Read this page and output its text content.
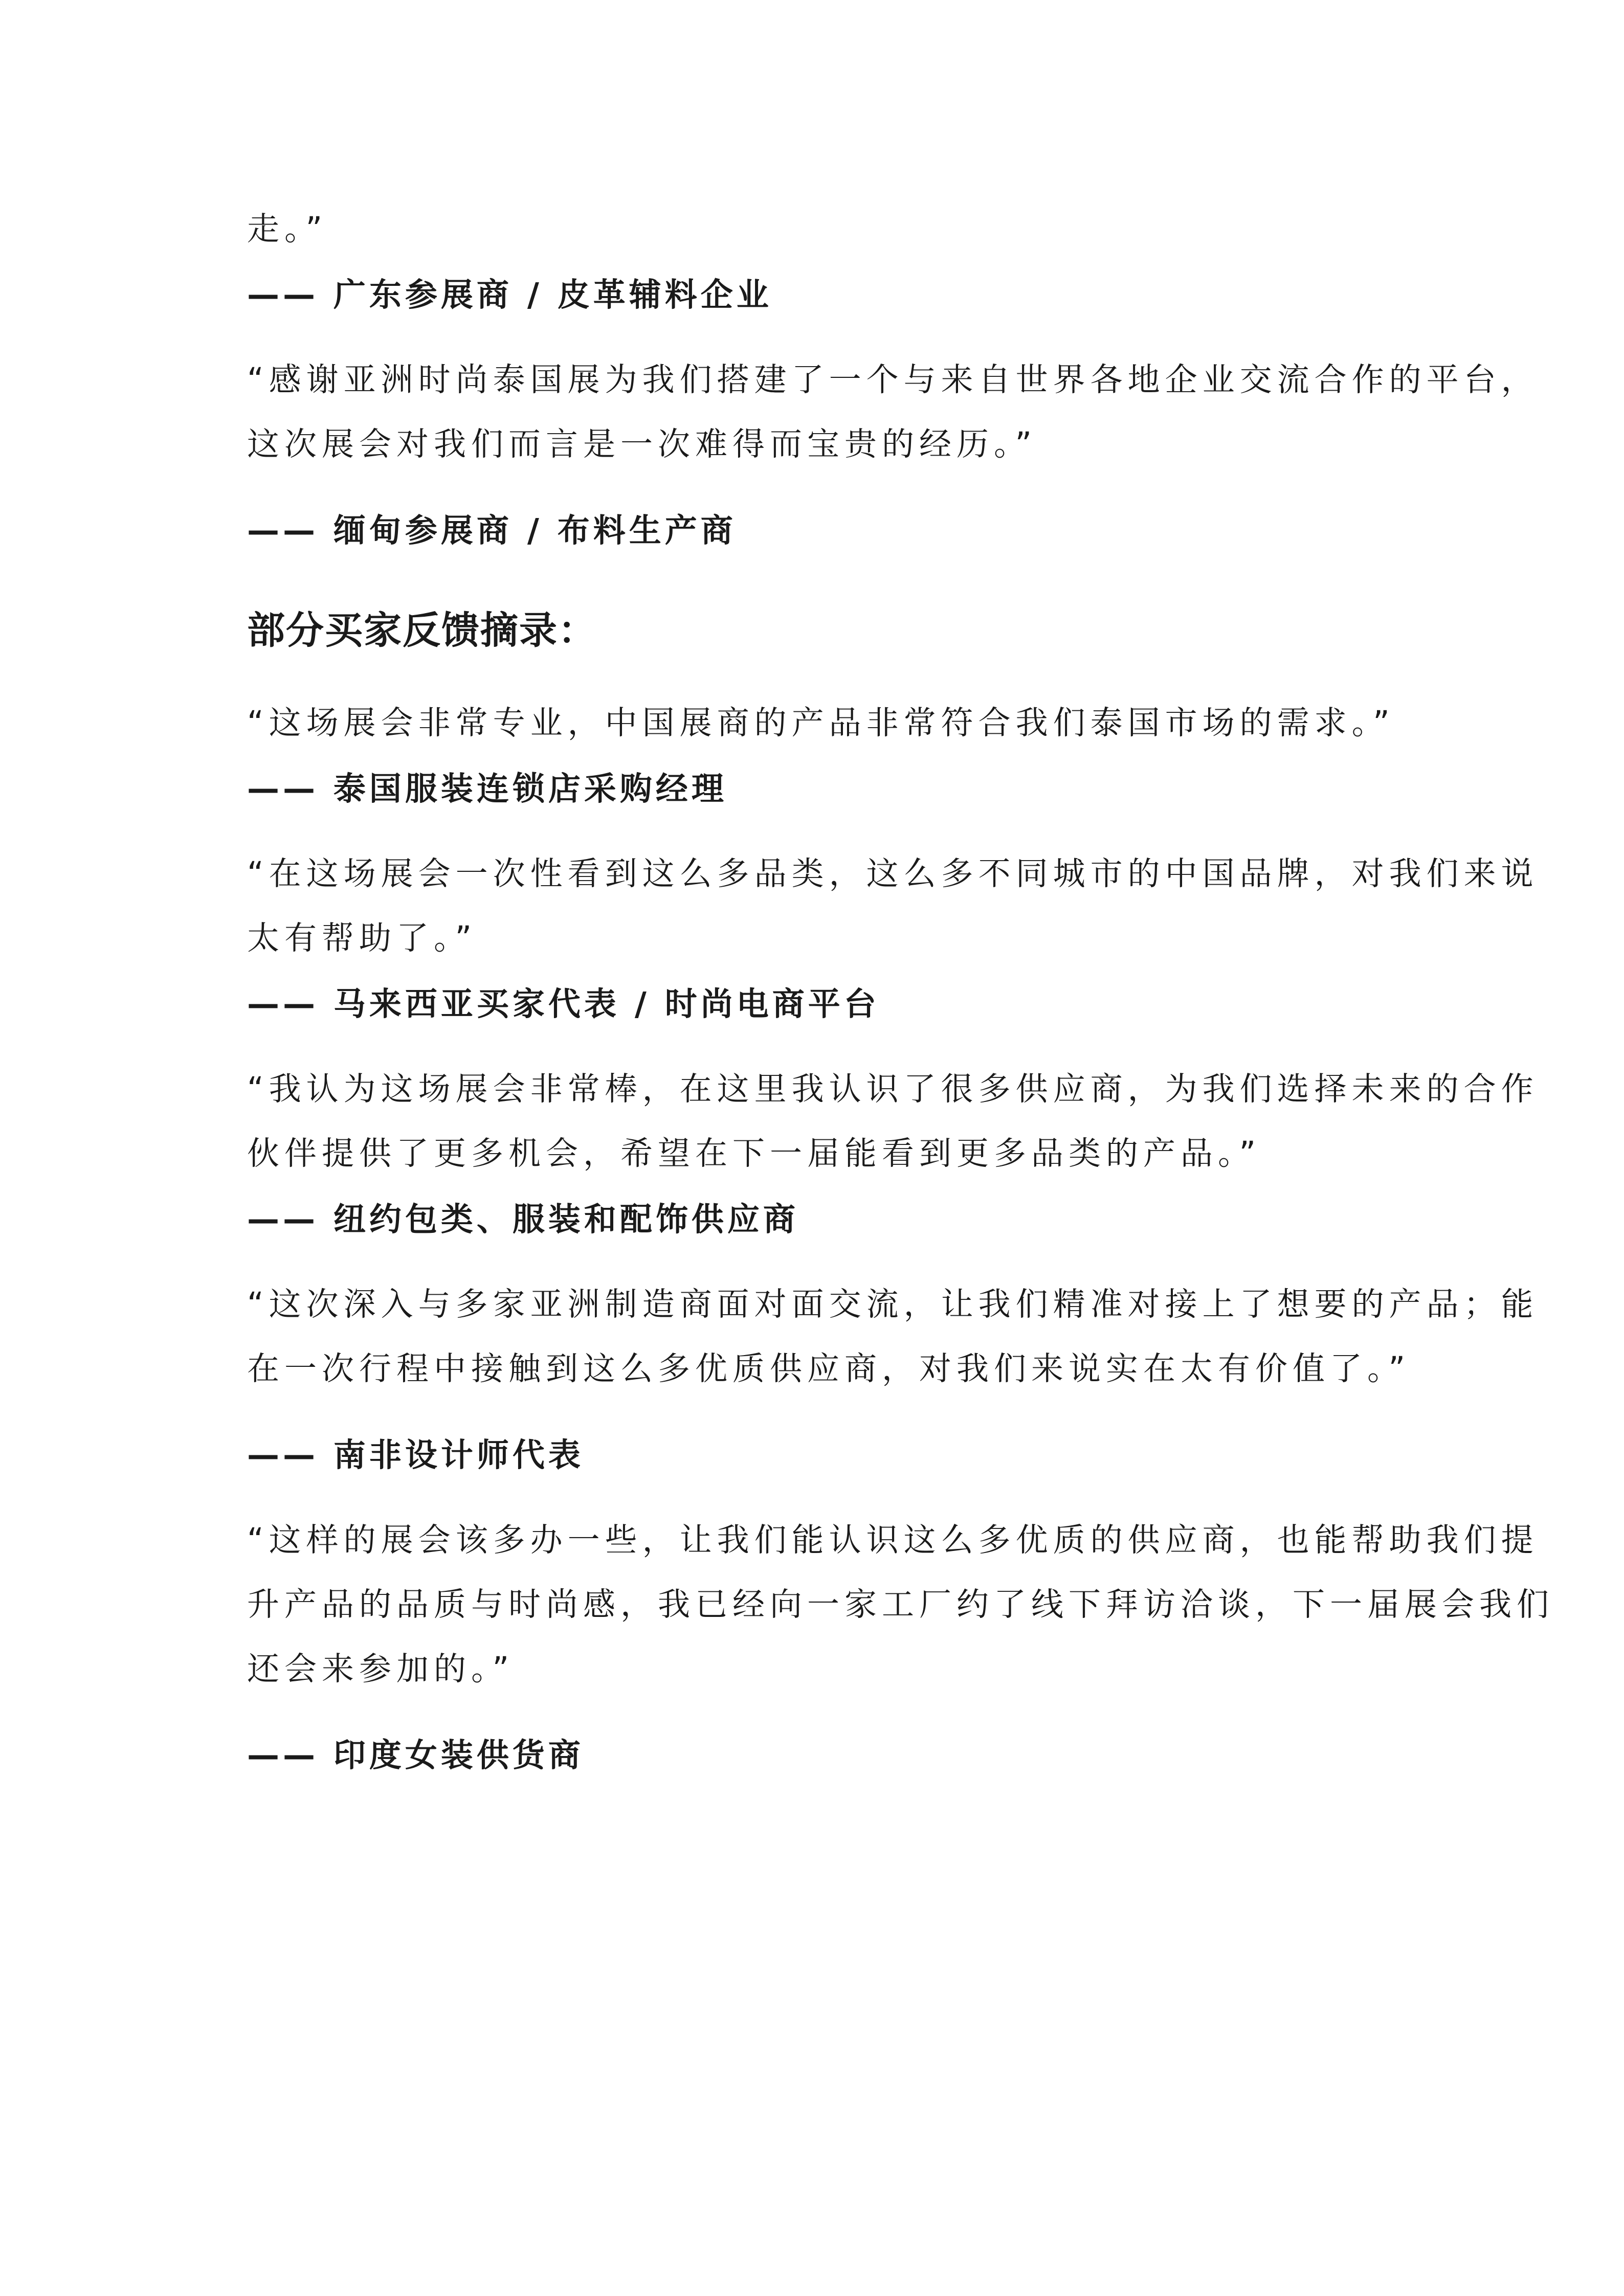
走。”
—— 广东参展商 / 皮革辅料企业
“感谢亚洲时尚泰国展为我们搭建了一个与来自世界各地企业交流合作的平台，
这次展会对我们而言是一次难得而宝贵的经历。”
—— 缅甸参展商 / 布料生产商
部分买家反馈摘录：
“这场展会非常专业，中国展商的产品非常符合我们泰国市场的需求。”
—— 泰国服装连锁店采购经理
“在这场展会一次性看到这么多品类，这么多不同城市的中国品牌，对我们来说
太有帮助了。”
—— 马来西亚买家代表 / 时尚电商平台
“我认为这场展会非常棒，在这里我认识了很多供应商，为我们选择未来的合作
伙伴提供了更多机会，希望在下一届能看到更多品类的产品。”
—— 纽约包类、服装和配饰供应商
“这次深入与多家亚洲制造商面对面交流，让我们精准对接上了想要的产品；能
在一次行程中接触到这么多优质供应商，对我们来说实在太有价值了。”
—— 南非设计师代表
“这样的展会该多办一些，让我们能认识这么多优质的供应商，也能帮助我们提
升产品的品质与时尚感，我已经向一家工厂约了线下拜访洽谈，下一届展会我们
还会来参加的。”
—— 印度女装供货商
